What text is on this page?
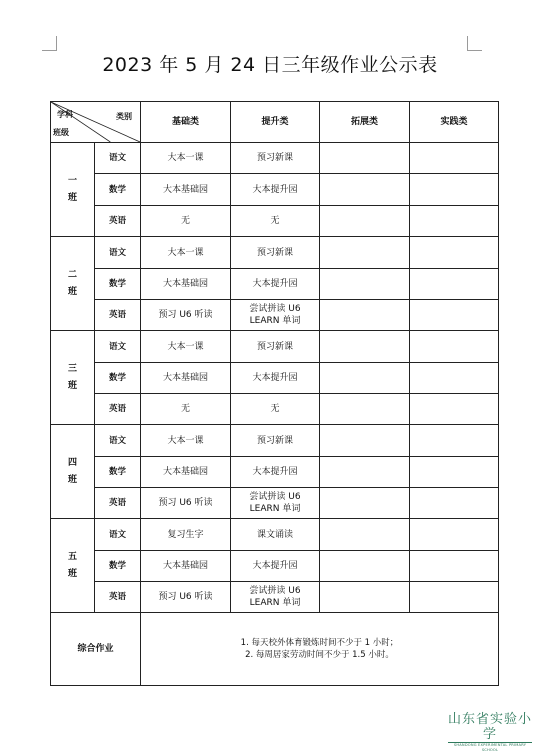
2023 年 5 月 24 日三年级作业公示表
学科 类别
班级		基础类	提升类	拓展类	实践类

一
班	语文	大本一课	预习新课		
	数学	大本基础园	大本提升园		
	英语	无	无		

二
班	语文	大本一课	预习新课		
	数学	大本基础园	大本提升园		
	英语	预习 U6 听读	尝试拼读 U6 LEARN 单词		

三
班	语文	大本一课	预习新课		
	数学	大本基础园	大本提升园		
	英语	无	无		

四
班	语文	大本一课	预习新课		
	数学	大本基础园	大本提升园		
	英语	预习 U6 听读	尝试拼读 U6 LEARN 单词		

五
班	语文	复习生字	课文诵读		
	数学	大本基础园	大本提升园		
	英语	预习 U6 听读	尝试拼读 U6 LEARN 单词		
综合作业		1. 每天校外体育锻炼时间不少于 1 小时；
2. 每周居家劳动时间不少于 1.5 小时。			
山东省实验小学
SHANDONG EXPERIMENTAL PRIMARY SCHOOL
